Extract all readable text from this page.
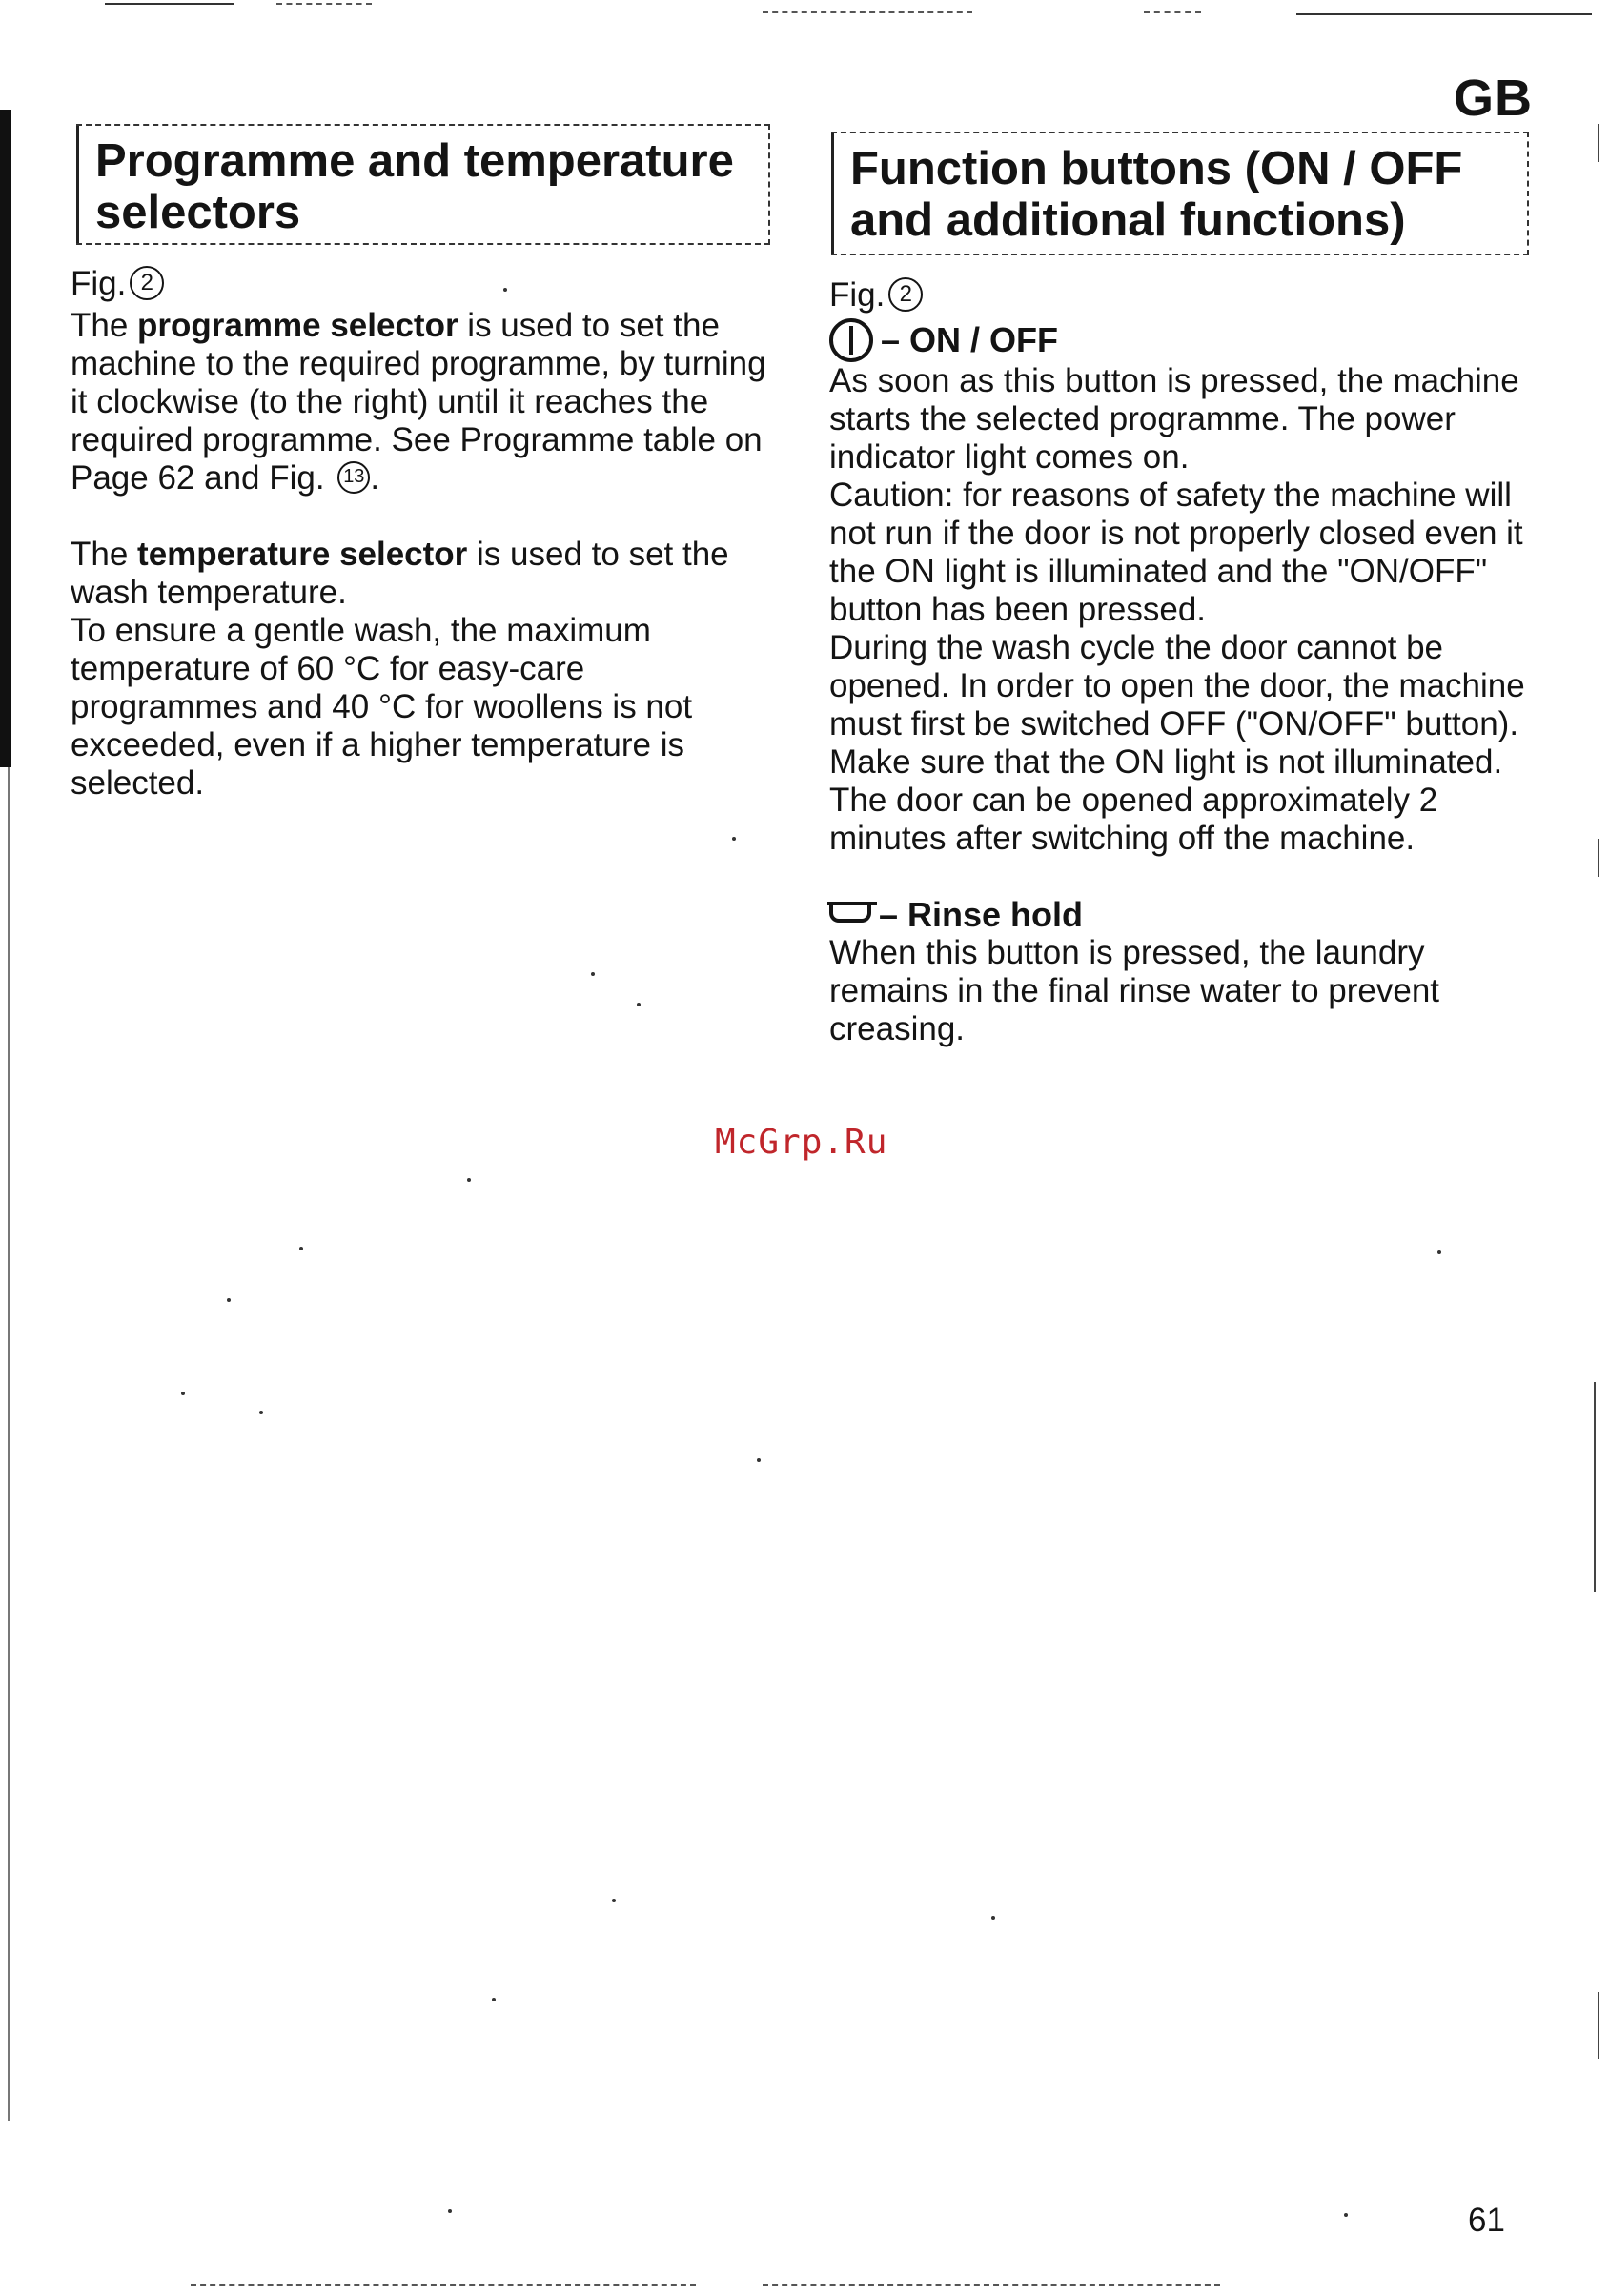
GB
Programme and temperature
selectors

Fig. 2

The programme selector is used to set the machine to the required programme, by turning it clockwise (to the right) until it reaches the required programme. See Programme table on Page 62 and Fig. 13 .

The temperature selector is used to set the wash temperature.

To ensure a gentle wash, the maximum temperature of 60 °C for easy-care programmes and 40 °C for woollens is not exceeded, even if a higher temperature is selected.

Function buttons (ON / OFF
and additional functions)

Fig. 2

– ON / OFF

As soon as this button is pressed, the machine starts the selected programme. The power indicator light comes on.

Caution: for reasons of safety the machine will not run if the door is not properly closed even it the ON light is illuminated and the "ON/OFF" button has been pressed.

During the wash cycle the door cannot be opened. In order to open the door, the machine must first be switched OFF ("ON/OFF" button). Make sure that the ON light is not illuminated.

The door can be opened approximately 2 minutes after switching off the machine.

– Rinse hold

When this button is pressed, the laundry remains in the final rinse water to prevent creasing.

McGrp.Ru
61
